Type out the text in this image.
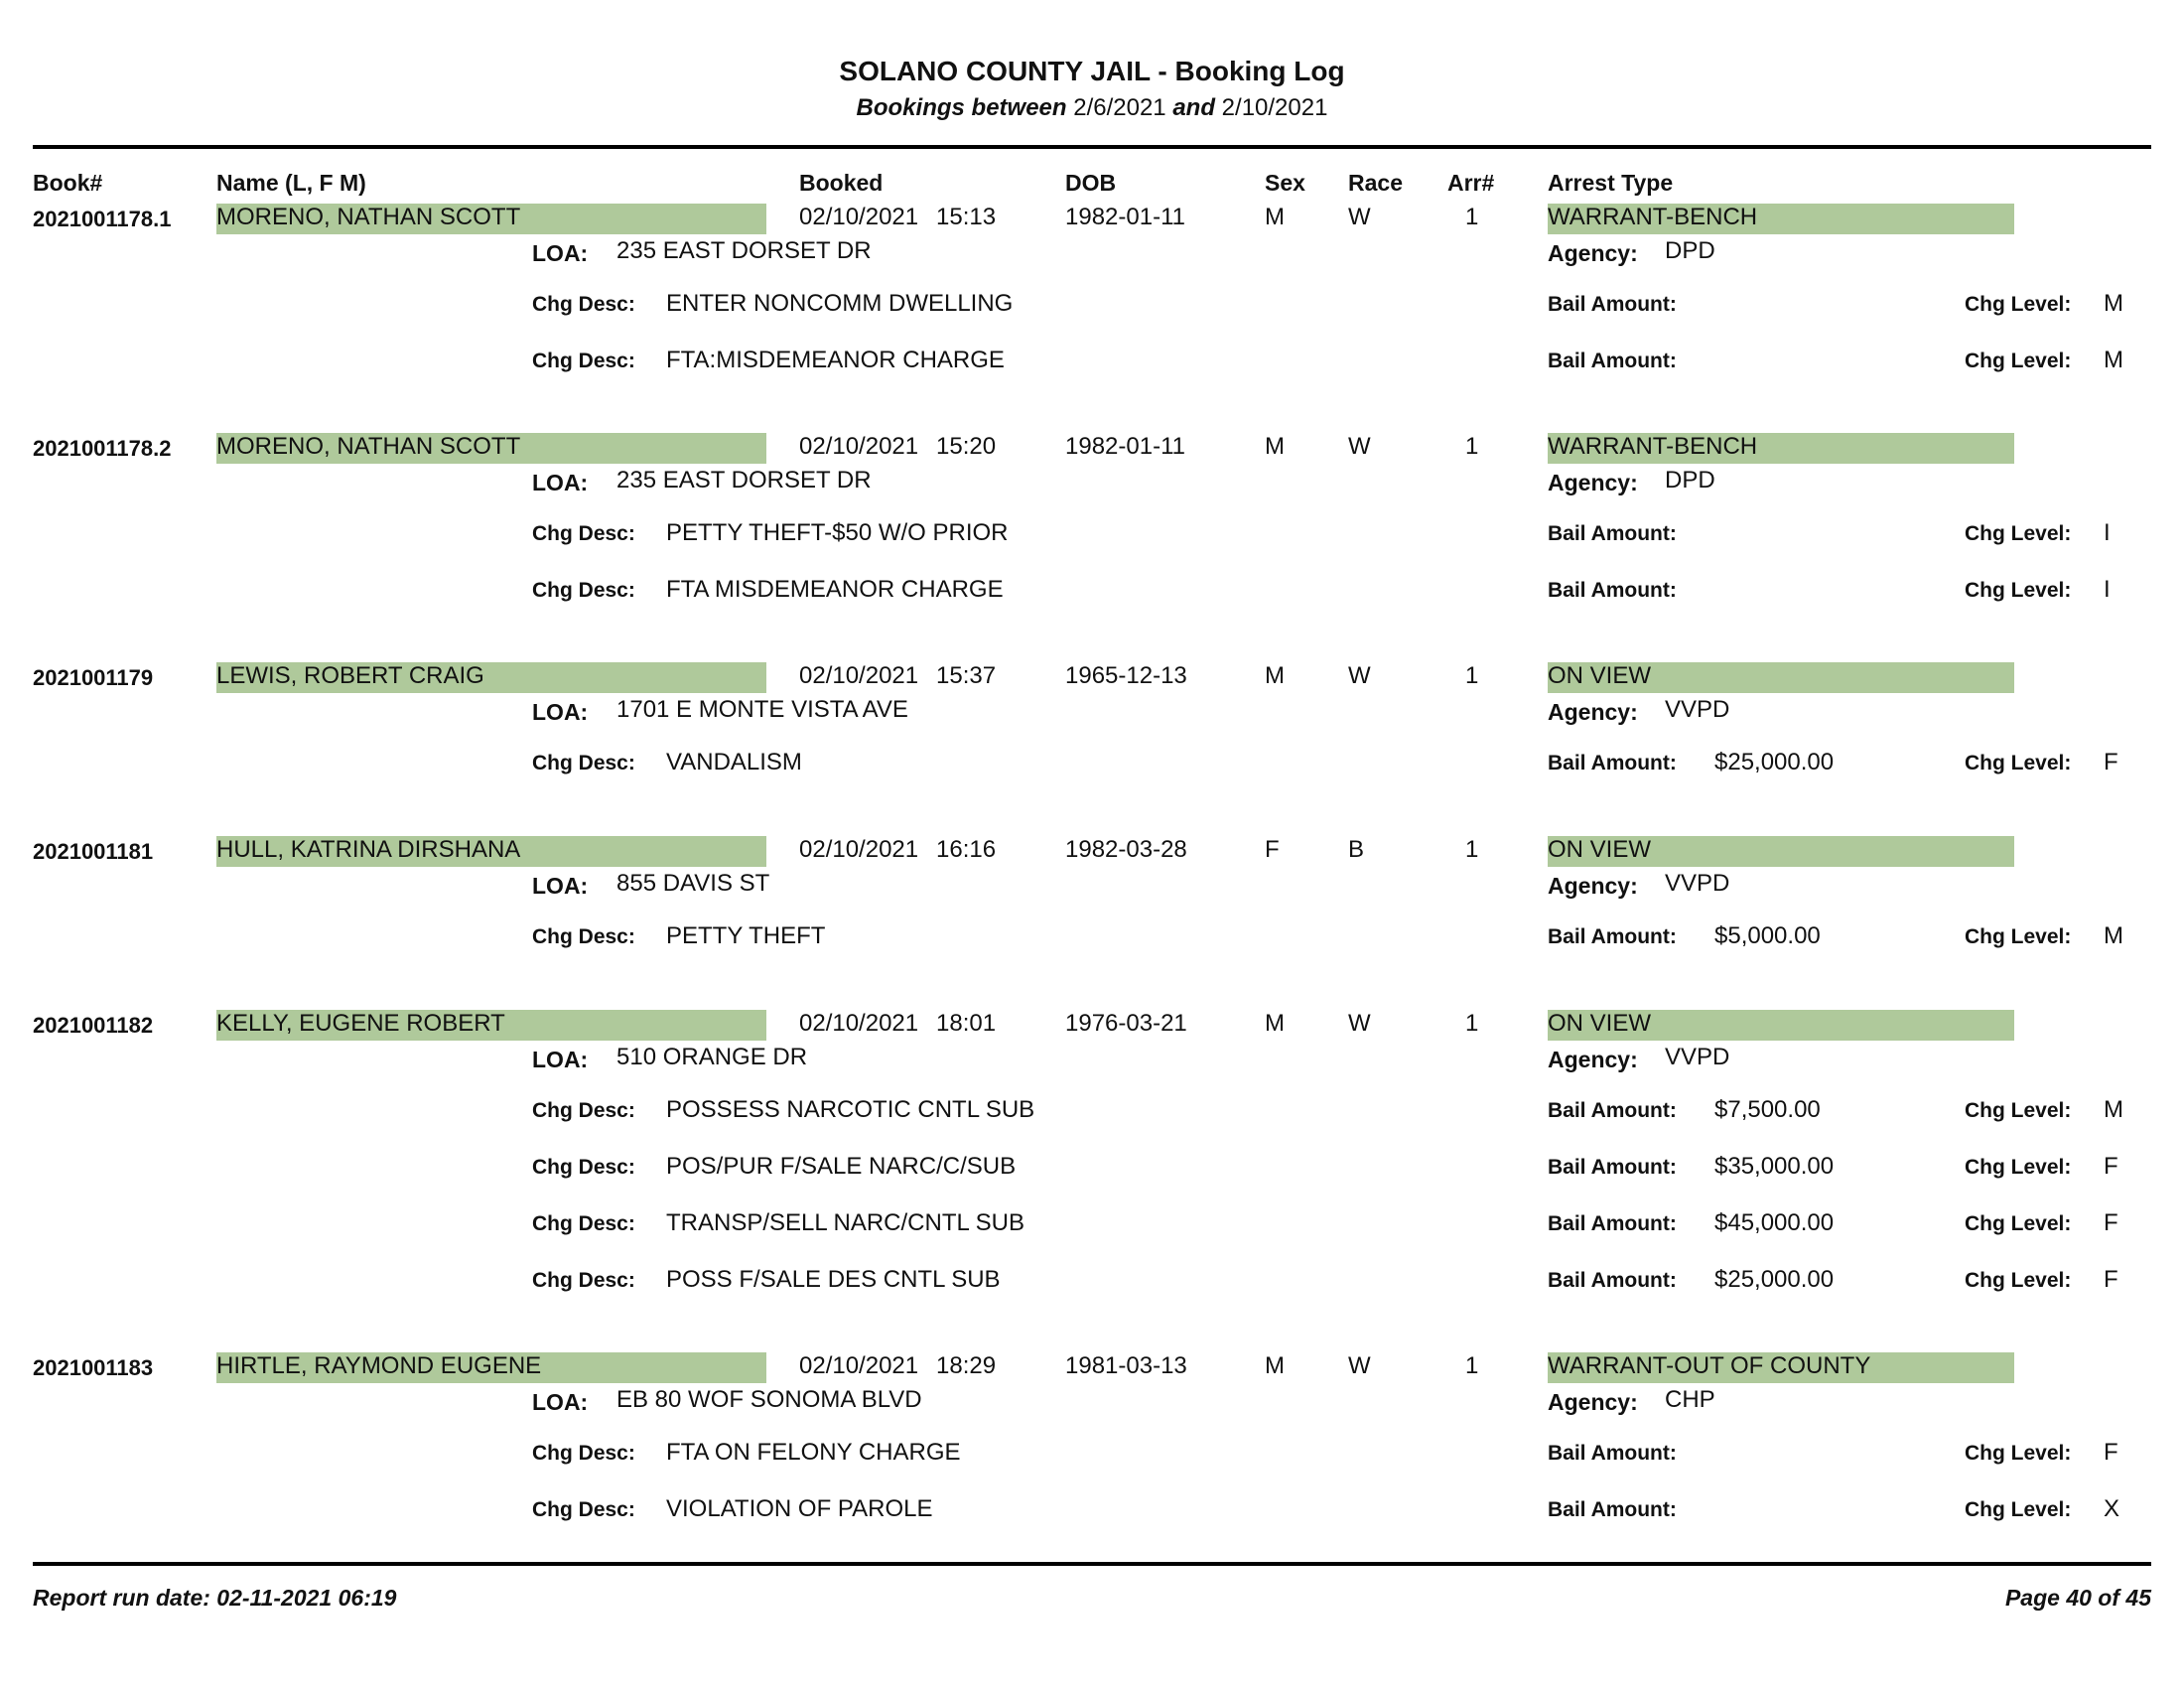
SOLANO COUNTY JAIL - Booking Log
Bookings between 2/6/2021 and 2/10/2021
Book#	Name (L, F M)	Booked	DOB	Sex Race Arr# Arrest Type
2021001178.1 MORENO, NATHAN SCOTT	02/10/2021 15:13	1982-01-11	M	W	1	WARRANT-BENCH
LOA: 235 EAST DORSET DR	Agency: DPD
Chg Desc: ENTER NONCOMM DWELLING	Bail Amount:	Chg Level: M
Chg Desc: FTA:MISDEMEANOR CHARGE	Bail Amount:	Chg Level: M
2021001178.2 MORENO, NATHAN SCOTT	02/10/2021 15:20	1982-01-11	M	W	1	WARRANT-BENCH
LOA: 235 EAST DORSET DR	Agency: DPD
Chg Desc: PETTY THEFT-$50 W/O PRIOR	Bail Amount:	Chg Level: I
Chg Desc: FTA MISDEMEANOR CHARGE	Bail Amount:	Chg Level: I
2021001179	LEWIS, ROBERT CRAIG	02/10/2021 15:37	1965-12-13	M	W	1	ON VIEW
LOA: 1701 E MONTE VISTA AVE	Agency: VVPD
Chg Desc: VANDALISM	Bail Amount: $25,000.00	Chg Level: F
2021001181	HULL, KATRINA DIRSHANA	02/10/2021 16:16	1982-03-28	F	B	1	ON VIEW
LOA: 855 DAVIS ST	Agency: VVPD
Chg Desc: PETTY THEFT	Bail Amount: $5,000.00	Chg Level: M
2021001182	KELLY, EUGENE ROBERT	02/10/2021 18:01	1976-03-21	M	W	1	ON VIEW
LOA: 510 ORANGE DR	Agency: VVPD
Chg Desc: POSSESS NARCOTIC CNTL SUB	Bail Amount: $7,500.00	Chg Level: M
Chg Desc: POS/PUR F/SALE NARC/C/SUB	Bail Amount: $35,000.00	Chg Level: F
Chg Desc: TRANSP/SELL NARC/CNTL SUB	Bail Amount: $45,000.00	Chg Level: F
Chg Desc: POSS F/SALE DES CNTL SUB	Bail Amount: $25,000.00	Chg Level: F
2021001183	HIRTLE, RAYMOND EUGENE	02/10/2021 18:29	1981-03-13	M	W	1	WARRANT-OUT OF COUNTY
LOA: EB 80 WOF SONOMA BLVD	Agency: CHP
Chg Desc: FTA ON FELONY CHARGE	Bail Amount:	Chg Level: F
Chg Desc: VIOLATION OF PAROLE	Bail Amount:	Chg Level: X
Report run date: 02-11-2021 06:19	Page 40 of 45
